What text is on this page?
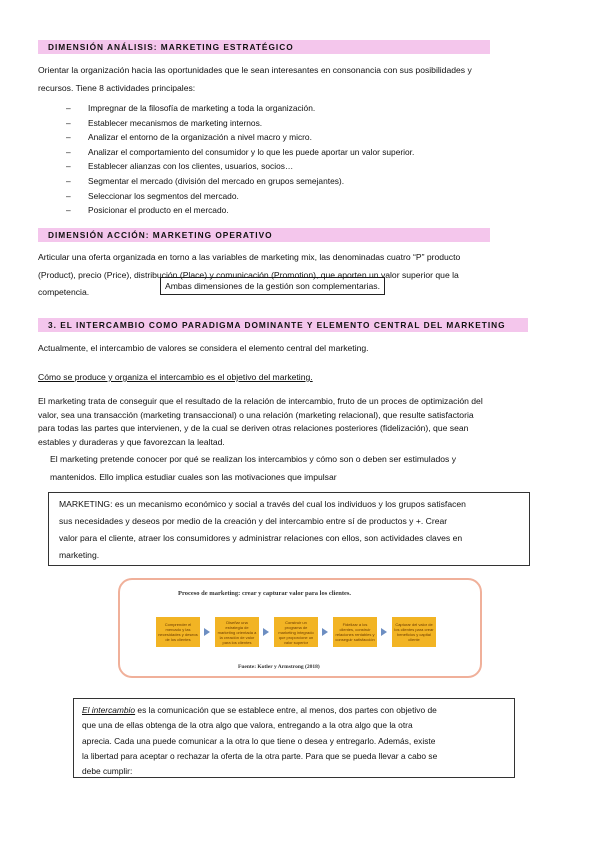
DIMENSIÓN ANÁLISIS: MARKETING ESTRATÉGICO
Orientar la organización hacia las oportunidades que le sean interesantes en consonancia con sus posibilidades y
recursos. Tiene 8 actividades principales:
– Impregnar de la filosofía de marketing a toda la organización.
– Establecer mecanismos de marketing internos.
– Analizar el entorno de la organización a nivel macro y micro.
– Analizar el comportamiento del consumidor y lo que les puede aportar un valor superior.
– Establecer alianzas con los clientes, usuarios, socios…
– Segmentar el mercado (división del mercado en grupos semejantes).
– Seleccionar los segmentos del mercado.
– Posicionar el producto en el mercado.
DIMENSIÓN ACCIÓN: MARKETING OPERATIVO
Articular una oferta organizada en torno a las variables de marketing mix, las denominadas cuatro “P” producto
(Product), precio (Price), distribución (Place) y comunicación (Promotion), que aporten un valor superior que la
competencia.
Ambas dimensiones de la gestión son complementarias.
3. EL INTERCAMBIO COMO PARADIGMA DOMINANTE Y ELEMENTO CENTRAL DEL MARKETING
Actualmente, el intercambio de valores se considera el elemento central del marketing.
Cómo se produce y organiza el intercambio es el objetivo del marketing.
El marketing trata de conseguir que el resultado de la relación de intercambio, fruto de un proces de optimización del
valor, sea una transacción (marketing transaccional) o una relación (marketing relacional), que resulte satisfactoria
para todas las partes que intervienen, y de la cual se deriven otras relaciones posteriores (fidelización), que sean
estables y duraderas y que favorezcan la lealtad.
El marketing pretende conocer por qué se realizan los intercambios y cómo son o deben ser estimulados y
mantenidos. Ello implica estudiar cuales son las motivaciones que impulsar
MARKETING: es un mecanismo económico y social a través del cual los individuos y los grupos satisfacen
sus necesidades y deseos por medio de la creación y del intercambio entre sí de productos y +. Crear
valor para el cliente, atraer los consumidores y administrar relaciones con ellos, son actividades claves en
marketing.
Proceso de marketing: crear y capturar valor para los clientes.
Comprender el mercado y las necesidades y deseos de los clientes
Diseñar una estrategia de marketing orientada a la creación de valor para los clientes
Construir un programa de marketing integrado que proporcione un valor superior
Fidelizar a los clientes, construir relaciones rentables y conseguir satisfacción
Capturar del valor de los clientes para crear beneficios y capital cliente
Fuente: Kotler y Armstrong (2018)
El intercambio es la comunicación que se establece entre, al menos, dos partes con objetivo de
que una de ellas obtenga de la otra algo que valora, entregando a la otra algo que la otra
aprecia. Cada una puede comunicar a la otra lo que tiene o desea y entregarlo. Además, existe
la libertad para aceptar o rechazar la oferta de la otra parte. Para que se pueda llevar a cabo se
debe cumplir:
